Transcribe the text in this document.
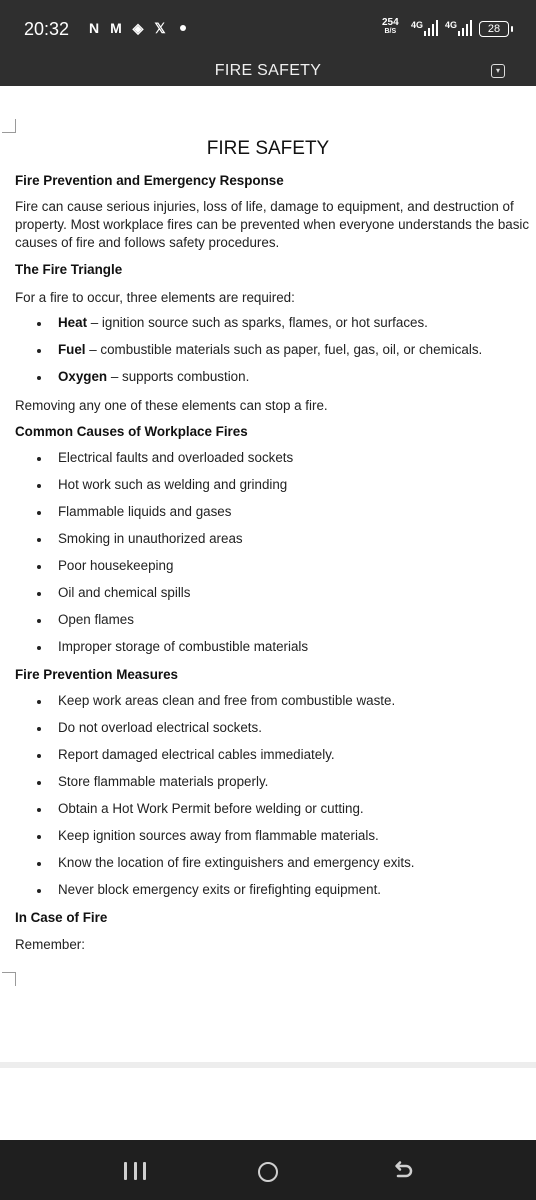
20:32 N M ◈ 𝕏	254
B/S
4G 4G	28
FIRE SAFETY	▾
FIRE SAFETY
Fire Prevention and Emergency Response
Fire can cause serious injuries, loss of life, damage to equipment, and destruction of
property. Most workplace fires can be prevented when everyone understands the basic
causes of fire and follows safety procedures.
The Fire Triangle
For a fire to occur, three elements are required:
Heat – ignition source such as sparks, flames, or hot surfaces.
Fuel – combustible materials such as paper, fuel, gas, oil, or chemicals.
Oxygen – supports combustion.
Removing any one of these elements can stop a fire.
Common Causes of Workplace Fires
Electrical faults and overloaded sockets
Hot work such as welding and grinding
Flammable liquids and gases
Smoking in unauthorized areas
Poor housekeeping
Oil and chemical spills
Open flames
Improper storage of combustible materials
Fire Prevention Measures
Keep work areas clean and free from combustible waste.
Do not overload electrical sockets.
Report damaged electrical cables immediately.
Store flammable materials properly.
Obtain a Hot Work Permit before welding or cutting.
Keep ignition sources away from flammable materials.
Know the location of fire extinguishers and emergency exits.
Never block emergency exits or firefighting equipment.
In Case of Fire
Remember:
